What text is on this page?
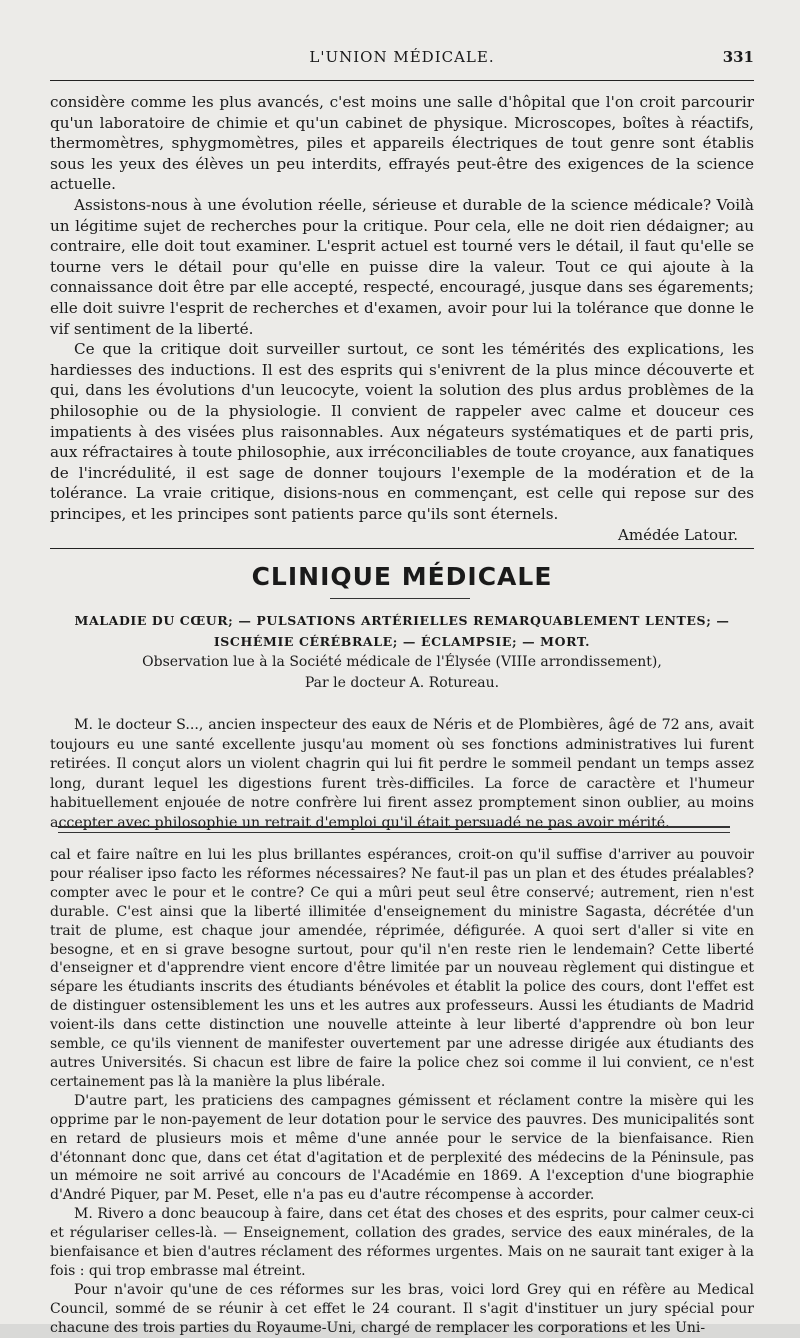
L'UNION MÉDICALE.	331

considère comme les plus avancés, c'est moins une salle d'hôpital que l'on croit parcourir qu'un laboratoire de chimie et qu'un cabinet de physique. Microscopes, boîtes à réactifs, thermomètres, sphygmomètres, piles et appareils électriques de tout genre sont établis sous les yeux des élèves un peu interdits, effrayés peut-être des exigences de la science actuelle.

Assistons-nous à une évolution réelle, sérieuse et durable de la science médicale? Voilà un légitime sujet de recherches pour la critique. Pour cela, elle ne doit rien dédaigner; au contraire, elle doit tout examiner. L'esprit actuel est tourné vers le détail, il faut qu'elle se tourne vers le détail pour qu'elle en puisse dire la valeur. Tout ce qui ajoute à la connaissance doit être par elle accepté, respecté, encouragé, jusque dans ses égarements; elle doit suivre l'esprit de recherches et d'examen, avoir pour lui la tolérance que donne le vif sentiment de la liberté.

Ce que la critique doit surveiller surtout, ce sont les témérités des explications, les hardiesses des inductions. Il est des esprits qui s'enivrent de la plus mince découverte et qui, dans les évolutions d'un leucocyte, voient la solution des plus ardus problèmes de la philosophie ou de la physiologie. Il convient de rappeler avec calme et douceur ces impatients à des visées plus raisonnables. Aux négateurs systématiques et de parti pris, aux réfractaires à toute philosophie, aux irréconciliables de toute croyance, aux fanatiques de l'incrédulité, il est sage de donner toujours l'exemple de la modération et de la tolérance. La vraie critique, disions-nous en commençant, est celle qui repose sur des principes, et les principes sont patients parce qu'ils sont éternels.

Amédée Latour.
CLINIQUE MÉDICALE
MALADIE DU CŒUR; — PULSATIONS ARTÉRIELLES REMARQUABLEMENT LENTES; —
ISCHÉMIE CÉRÉBRALE; — ÉCLAMPSIE; — MORT.
Observation lue à la Société médicale de l'Élysée (VIIIe arrondissement),
Par le docteur A. Rotureau.

M. le docteur S..., ancien inspecteur des eaux de Néris et de Plombières, âgé de 72 ans, avait toujours eu une santé excellente jusqu'au moment où ses fonctions administratives lui furent retirées. Il conçut alors un violent chagrin qui lui fit perdre le sommeil pendant un temps assez long, durant lequel les digestions furent très-difficiles. La force de caractère et l'humeur habituellement enjouée de notre confrère lui firent assez promptement sinon oublier, au moins accepter avec philosophie un retrait d'emploi qu'il était persuadé ne pas avoir mérité.

cal et faire naître en lui les plus brillantes espérances, croit-on qu'il suffise d'arriver au pouvoir pour réaliser ipso facto les réformes nécessaires? Ne faut-il pas un plan et des études préalables? compter avec le pour et le contre? Ce qui a mûri peut seul être conservé; autrement, rien n'est durable. C'est ainsi que la liberté illimitée d'enseignement du ministre Sagasta, décrétée d'un trait de plume, est chaque jour amendée, réprimée, défigurée. A quoi sert d'aller si vite en besogne, et en si grave besogne surtout, pour qu'il n'en reste rien le lendemain? Cette liberté d'enseigner et d'apprendre vient encore d'être limitée par un nouveau règlement qui distingue et sépare les étudiants inscrits des étudiants bénévoles et établit la police des cours, dont l'effet est de distinguer ostensiblement les uns et les autres aux professeurs. Aussi les étudiants de Madrid voient-ils dans cette distinction une nouvelle atteinte à leur liberté d'apprendre où bon leur semble, ce qu'ils viennent de manifester ouvertement par une adresse dirigée aux étudiants des autres Universités. Si chacun est libre de faire la police chez soi comme il lui convient, ce n'est certainement pas là la manière la plus libérale.

D'autre part, les praticiens des campagnes gémissent et réclament contre la misère qui les opprime par le non-payement de leur dotation pour le service des pauvres. Des municipalités sont en retard de plusieurs mois et même d'une année pour le service de la bienfaisance. Rien d'étonnant donc que, dans cet état d'agitation et de perplexité des médecins de la Péninsule, pas un mémoire ne soit arrivé au concours de l'Académie en 1869. A l'exception d'une biographie d'André Piquer, par M. Peset, elle n'a pas eu d'autre récompense à accorder.

M. Rivero a donc beaucoup à faire, dans cet état des choses et des esprits, pour calmer ceux-ci et régulariser celles-là. — Enseignement, collation des grades, service des eaux minérales, de la bienfaisance et bien d'autres réclament des réformes urgentes. Mais on ne saurait tant exiger à la fois : qui trop embrasse mal étreint.

Pour n'avoir qu'une de ces réformes sur les bras, voici lord Grey qui en réfère au Medical Council, sommé de se réunir à cet effet le 24 courant. Il s'agit d'instituer un jury spécial pour chacune des trois parties du Royaume-Uni, chargé de remplacer les corporations et les Uni-
